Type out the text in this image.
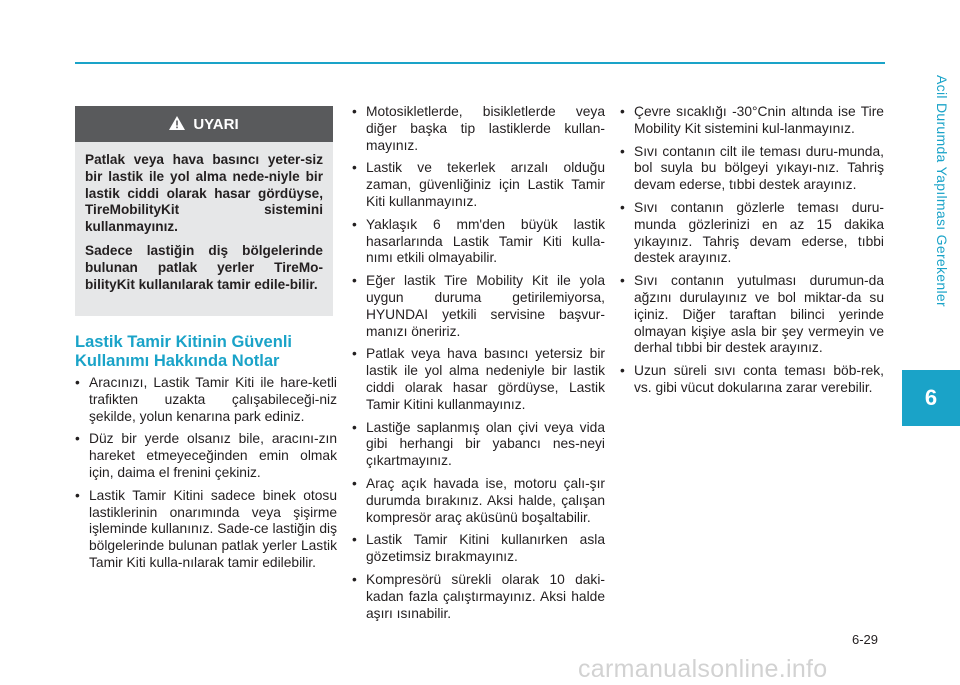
Acil Durumda Yapılması Gerekenler
6
UYARI

Patlak veya hava basıncı yeter-siz bir lastik ile yol alma nede-niyle bir lastik ciddi olarak hasar gördüyse, TireMobilityKit sistemini kullanmayınız.

Sadece lastiğin diş bölgelerinde bulunan patlak yerler TireMo-bilityKit kullanılarak tamir edile-bilir.

Lastik Tamir Kitinin Güvenli Kullanımı Hakkında Notlar
• Aracınızı, Lastik Tamir Kiti ile hare-ketli trafikten uzakta çalışabileceği-niz şekilde, yolun kenarına park ediniz.
• Düz bir yerde olsanız bile, aracını-zın hareket etmeyeceğinden emin olmak için, daima el frenini çekiniz.
• Lastik Tamir Kitini sadece binek otosu lastiklerinin onarımında veya şişirme işleminde kullanınız. Sade-ce lastiğin diş bölgelerinde bulunan patlak yerler Lastik Tamir Kiti kulla-nılarak tamir edilebilir.
• Motosikletlerde, bisikletlerde veya diğer başka tip lastiklerde kullan-mayınız.
• Lastik ve tekerlek arızalı olduğu zaman, güvenliğiniz için Lastik Tamir Kiti kullanmayınız.
• Yaklaşık 6 mm'den büyük lastik hasarlarında Lastik Tamir Kiti kulla-nımı etkili olmayabilir.
• Eğer lastik Tire Mobility Kit ile yola uygun duruma getirilemiyorsa, HYUNDAI yetkili servisine başvur-manızı öneririz.
• Patlak veya hava basıncı yetersiz bir lastik ile yol alma nedeniyle bir lastik ciddi olarak hasar gördüyse, Lastik Tamir Kitini kullanmayınız.
• Lastiğe saplanmış olan çivi veya vida gibi herhangi bir yabancı nes-neyi çıkartmayınız.
• Araç açık havada ise, motoru çalı-şır durumda bırakınız. Aksi halde, çalışan kompresör araç aküsünü boşaltabilir.
• Lastik Tamir Kitini kullanırken asla gözetimsiz bırakmayınız.
• Kompresörü sürekli olarak 10 daki-kadan fazla çalıştırmayınız. Aksi halde aşırı ısınabilir.
• Çevre sıcaklığı -30°Cnin altında ise Tire Mobility Kit sistemini kul-lanmayınız.
• Sıvı contanın cilt ile teması duru-munda, bol suyla bu bölgeyi yıkayı-nız. Tahriş devam ederse, tıbbi destek arayınız.
• Sıvı contanın gözlerle teması duru-munda gözlerinizi en az 15 dakika yıkayınız. Tahriş devam ederse, tıbbi destek arayınız.
• Sıvı contanın yutulması durumun-da ağzını durulayınız ve bol miktar-da su içiniz. Diğer taraftan bilinci yerinde olmayan kişiye asla bir şey vermeyin ve derhal tıbbi bir destek arayınız.
• Uzun süreli sıvı conta teması böb-rek, vs. gibi vücut dokularına zarar verebilir.
6-29
carmanualsonline.info
